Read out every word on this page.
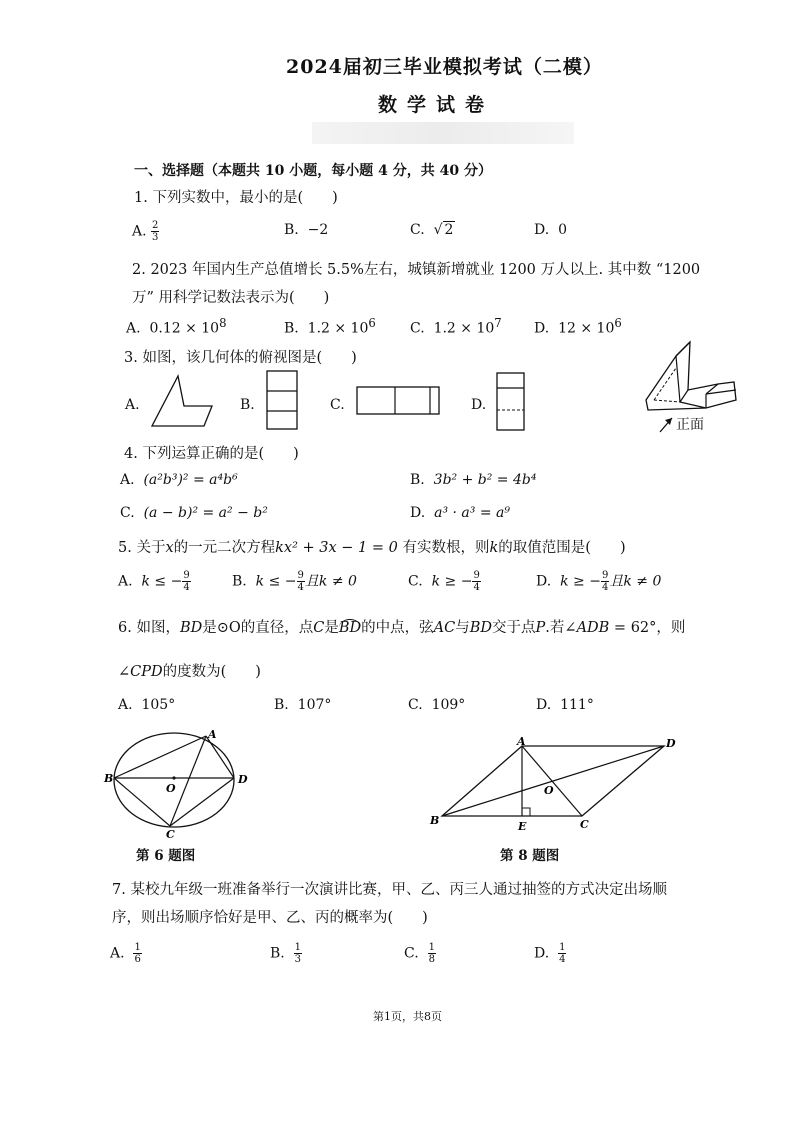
2024届初三毕业模拟考试（二模）
数学试卷
一、选择题（本题共 10 小题，每小题 4 分，共 40 分）
1. 下列实数中，最小的是(　　)
A. $\frac{2}{3}$	B. −2	C.  √ 2	D. 0
2. 2023 年国内生产总值增长 5.5%左右，城镇新增就业 1200 万人以上. 其中数 “1200
万” 用科学记数法表示为(　　)
A. $0.12 \times 10^8$	B. $1.2 \times 10^6$ C. $1.2 \times 10^7$ D. $12 \times 10^6$
3. 如图，该几何体的俯视图是(　　)
A.	B.	C.	D.
正面
4. 下列运算正确的是(　　)
A. (a²b³)² = a⁴b⁶	B. 3b² + b² = 4b⁴
C. (a − b)² = a² − b²	D. a³ · a³ = a⁹
5. 关于x的一元二次方程kx² + 3x − 1 = 0 有实数根，则k的取值范围是(　　)
A. k ≤ − $\frac{9}{4}$	B. k ≤ − $\frac{9}{4}$ 且k ≠ 0	C. k ≥ − $\frac{9}{4}$	D. k ≥ − $\frac{9}{4}$ 且k ≠ 0
6. 如图，BD是⊙O的直径，点C是BD的中点，弦AC与BD交于点P.若∠ADB = 62°，则
∠CPD的度数为(　　)
A. 105°	B. 107°	C. 109°	D. 111°
A
B	D
O
C
第 6 题图
A
B
D
O
E	C
第 8 题图
7. 某校九年级一班准备举行一次演讲比赛，甲、乙、丙三人通过抽签的方式决定出场顺
序，则出场顺序恰好是甲、乙、丙的概率为(　　)
A. $\frac{1}{6}$	B. $\frac{1}{3}$	C. $\frac{1}{8}$	D. $\frac{1}{4}$
第1页，共8页
